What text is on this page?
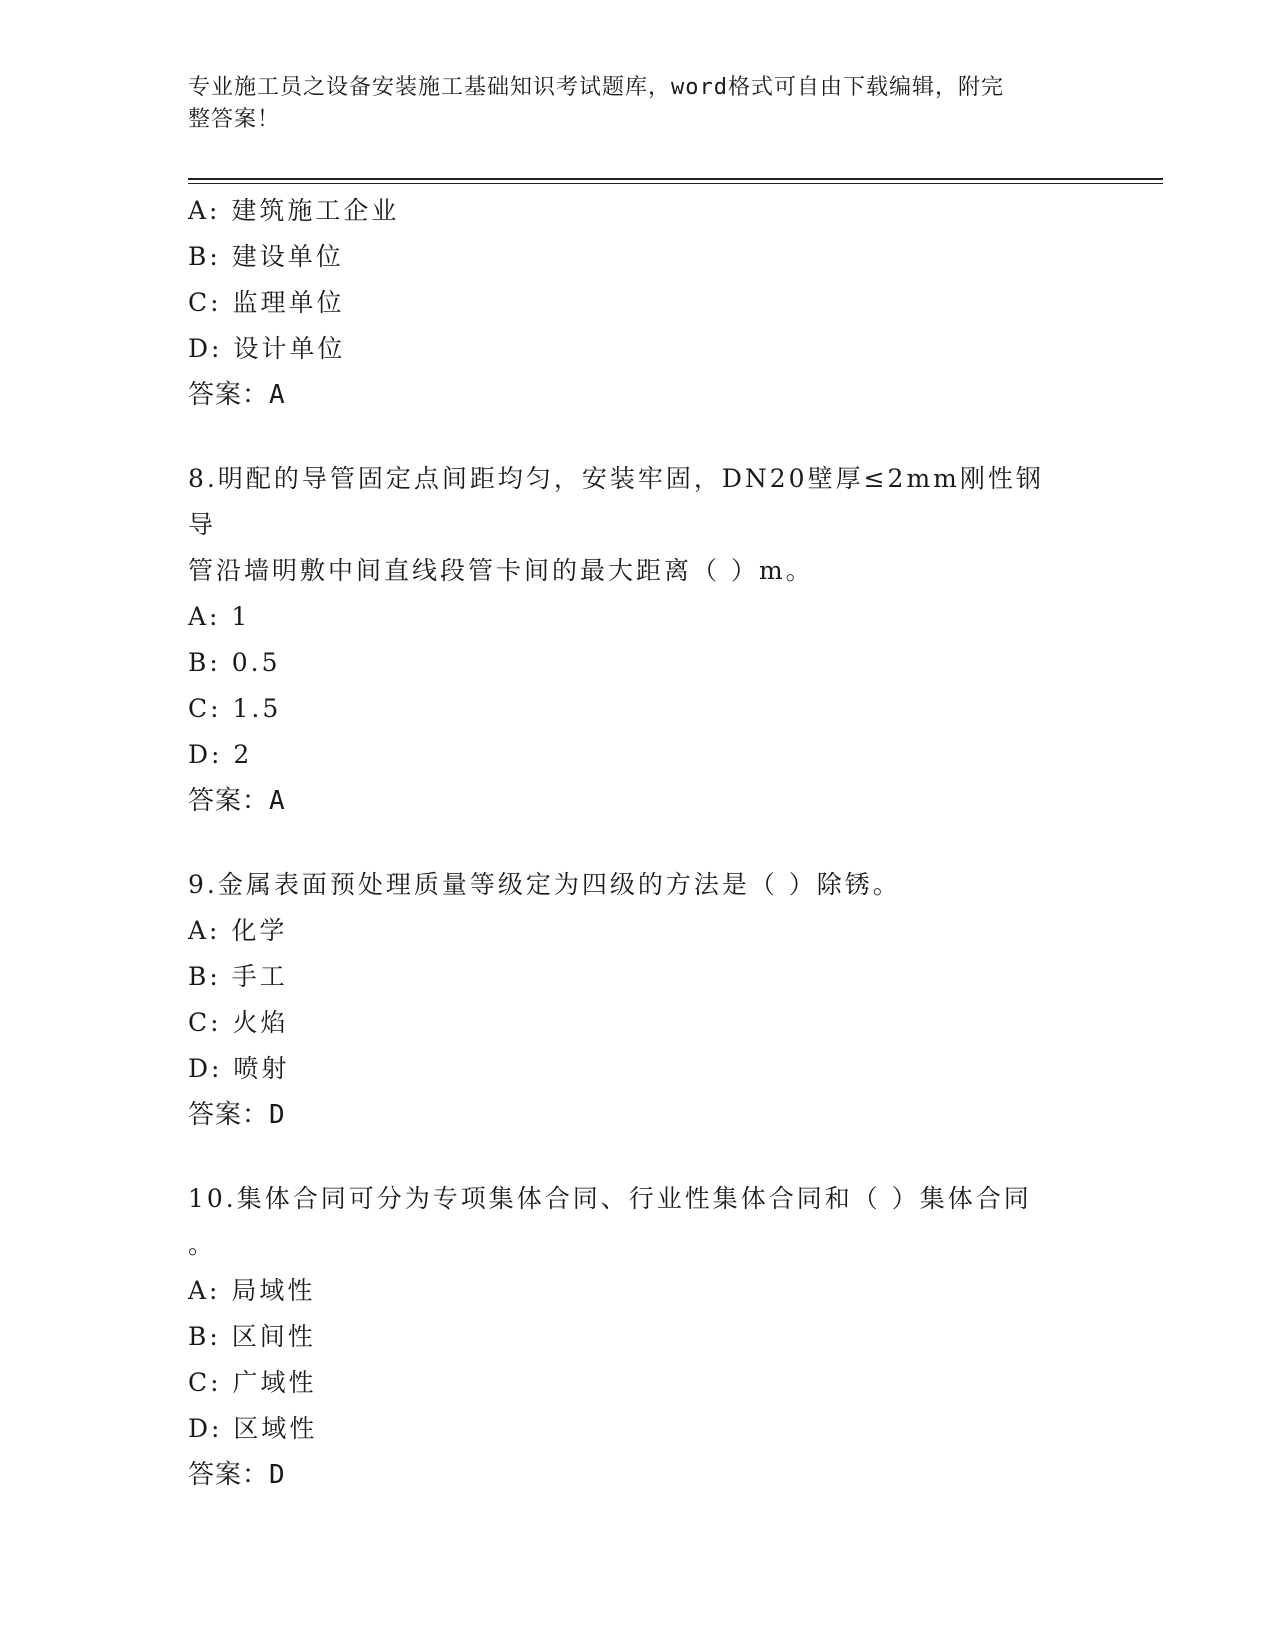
专业施工员之设备安装施工基础知识考试题库，word格式可自由下载编辑，附完
整答案！
A: 建筑施工企业
B: 建设单位
C: 监理单位
D: 设计单位
答案：A
8.明配的导管固定点间距均匀，安装牢固，DN20壁厚≤2mm刚性钢导
管沿墙明敷中间直线段管卡间的最大距离（ ）m。
A: 1
B: 0.5
C: 1.5
D: 2
答案：A
9.金属表面预处理质量等级定为四级的方法是（ ）除锈。
A: 化学
B: 手工
C: 火焰
D: 喷射
答案：D
10.集体合同可分为专项集体合同、行业性集体合同和（ ）集体合同
。
A: 局域性
B: 区间性
C: 广域性
D: 区域性
答案：D
